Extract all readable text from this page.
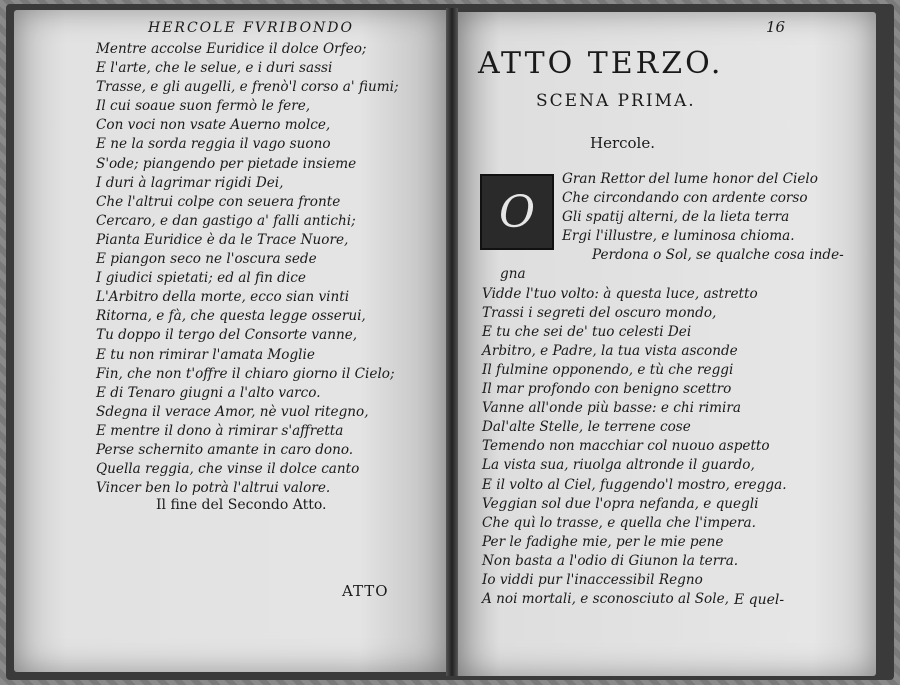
HERCOLE FVRIBONDO
Mentre accolse Euridice il dolce Orfeo;
E l'arte, che le selue, e i duri sassi
Trasse, e gli augelli, e frenò'l corso a' fiumi;
Il cui soaue suon fermò le fere,
Con voci non vsate Auerno molce,
E ne la sorda reggia il vago suono
S'ode; piangendo per pietade insieme
I duri à lagrimar rigidi Dei,
Che l'altrui colpe con seuera fronte
Cercaro, e dan gastigo a' falli antichi;
Pianta Euridice è da le Trace Nuore,
E piangon seco ne l'oscura sede
I giudici spietati; ed al fin dice
L'Arbitro della morte, ecco sian vinti
Ritorna, e fà, che questa legge osserui,
Tu doppo il tergo del Consorte vanne,
E tu non rimirar l'amata Moglie
Fin, che non t'offre il chiaro giorno il Cielo;
E di Tenaro giugni a l'alto varco.
Sdegna il verace Amor, nè vuol ritegno,
E mentre il dono à rimirar s'affretta
Perse schernito amante in caro dono.
Quella reggia, che vinse il dolce canto
Vincer ben lo potrà l'altrui valore.
Il fine del Secondo Atto.
ATTO
16
ATTO TERZO.
SCENA PRIMA.
Hercole.
Gran Rettor del lume honor del Cielo
Che circondando con ardente corso
Gli spatij alterni, de la lieta terra
Ergi l'illustre, e luminosa chioma.
Perdona o Sol, se qualche cosa inde-
gna
Vidde l'tuo volto: à questa luce, astretto
Trassi i segreti del oscuro mondo,
E tu che sei de' tuo celesti Dei
Arbitro, e Padre, la tua vista asconde
Il fulmine opponendo, e tù che reggi
Il mar profondo con benigno scettro
Vanne all'onde più basse: e chi rimira
Dal'alte Stelle, le terrene cose
Temendo non macchiar col nuouo aspetto
La vista sua, riuolga altronde il guardo,
E il volto al Ciel, fuggendo'l mostro, eregga.
Veggian sol due l'opra nefanda, e quegli
Che quì lo trasse, e quella che l'impera.
Per le fadighe mie, per le mie pene
Non basta a l'odio di Giunon la terra.
Io viddi pur l'inaccessibil Regno
A noi mortali, e sconosciuto al Sole,
O
E quel-
